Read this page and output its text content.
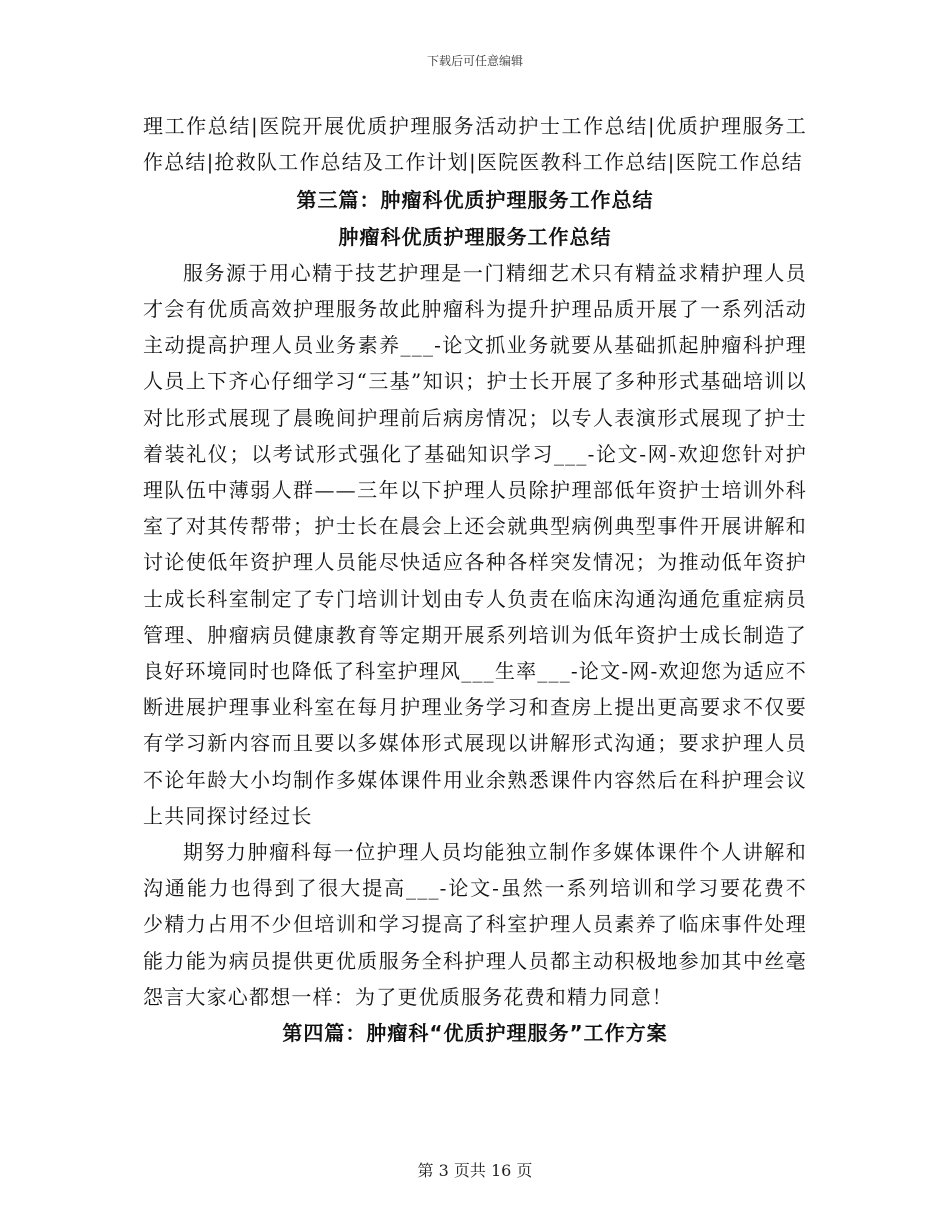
下载后可任意编辑

理工作总结|医院开展优质护理服务活动护士工作总结|优质护理服务工作总结|抢救队工作总结及工作计划|医院医教科工作总结|医院工作总结

第三篇：肿瘤科优质护理服务工作总结

肿瘤科优质护理服务工作总结

服务源于用心精于技艺护理是一门精细艺术只有精益求精护理人员才会有优质高效护理服务故此肿瘤科为提升护理品质开展了一系列活动主动提高护理人员业务素养___-论文抓业务就要从基础抓起肿瘤科护理人员上下齐心仔细学习“三基”知识；护士长开展了多种形式基础培训以对比形式展现了晨晚间护理前后病房情况；以专人表演形式展现了护士着装礼仪；以考试形式强化了基础知识学习___-论文-网-欢迎您针对护理队伍中薄弱人群——三年以下护理人员除护理部低年资护士培训外科室了对其传帮带；护士长在晨会上还会就典型病例典型事件开展讲解和讨论使低年资护理人员能尽快适应各种各样突发情况；为推动低年资护士成长科室制定了专门培训计划由专人负责在临床沟通沟通危重症病员管理、肿瘤病员健康教育等定期开展系列培训为低年资护士成长制造了良好环境同时也降低了科室护理风___生率___-论文-网-欢迎您为适应不断进展护理事业科室在每月护理业务学习和查房上提出更高要求不仅要有学习新内容而且要以多媒体形式展现以讲解形式沟通；要求护理人员不论年龄大小均制作多媒体课件用业余熟悉课件内容然后在科护理会议上共同探讨经过长

期努力肿瘤科每一位护理人员均能独立制作多媒体课件个人讲解和沟通能力也得到了很大提高___-论文-虽然一系列培训和学习要花费不少精力占用不少但培训和学习提高了科室护理人员素养了临床事件处理能力能为病员提供更优质服务全科护理人员都主动积极地参加其中丝毫怨言大家心都想一样：为了更优质服务花费和精力同意！

第四篇：肿瘤科“优质护理服务”工作方案

第 3 页共 16 页
